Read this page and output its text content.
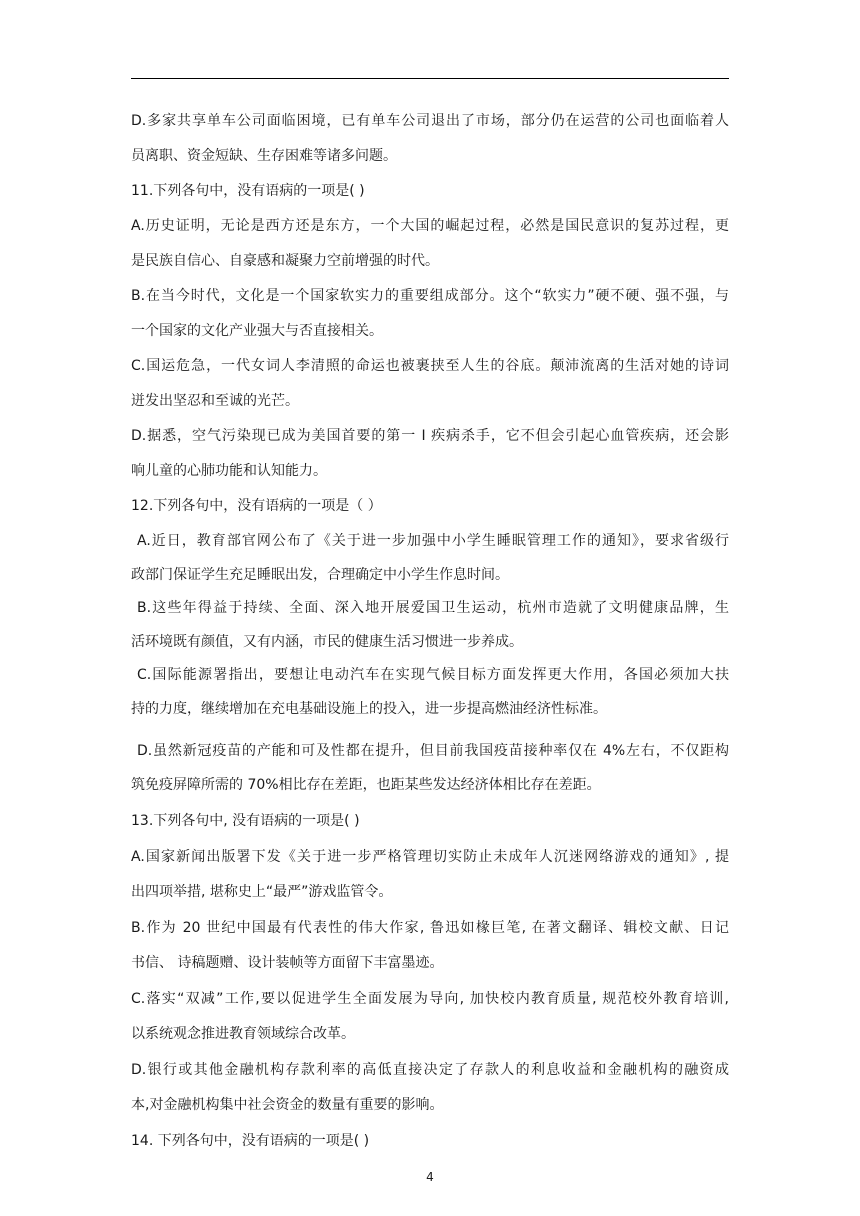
D.多家共享单车公司面临困境，已有单车公司退出了市场，部分仍在运营的公司也面临着人
员离职、资金短缺、生存困难等诸多问题。
11.下列各句中，没有语病的一项是( )
A.历史证明，无论是西方还是东方，一个大国的崛起过程，必然是国民意识的复苏过程，更
是民族自信心、自豪感和凝聚力空前增强的时代。
B.在当今时代，文化是一个国家软实力的重要组成部分。这个“软实力”硬不硬、强不强，与
一个国家的文化产业强大与否直接相关。
C.国运危急，一代女词人李清照的命运也被裹挟至人生的谷底。颠沛流离的生活对她的诗词
迸发出坚忍和至诚的光芒。
D.据悉，空气污染现已成为美国首要的第一 I 疾病杀手，它不但会引起心血管疾病，还会影
响儿童的心肺功能和认知能力。
12.下列各句中，没有语病的一项是（ ）
A.近日，教育部官网公布了《关于进一步加强中小学生睡眠管理工作的通知》，要求省级行
政部门保证学生充足睡眠出发，合理确定中小学生作息时间。
B.这些年得益于持续、全面、深入地开展爱国卫生运动，杭州市造就了文明健康品牌，生
活环境既有颜值，又有内涵，市民的健康生活习惯进一步养成。
C.国际能源署指出，要想让电动汽车在实现气候目标方面发挥更大作用，各国必须加大扶
持的力度，继续增加在充电基础设施上的投入，进一步提高燃油经济性标准。
D.虽然新冠疫苗的产能和可及性都在提升，但目前我国疫苗接种率仅在 4%左右，不仅距构
筑免疫屏障所需的 70%相比存在差距，也距某些发达经济体相比存在差距。
13.下列各句中, 没有语病的一项是( )
A.国家新闻出版署下发《关于进一步严格管理切实防止未成年人沉迷网络游戏的通知》, 提
出四项举措, 堪称史上“最严”游戏监管令。
B.作为 20 世纪中国最有代表性的伟大作家, 鲁迅如椽巨笔, 在著文翻译、辑校文献、日记
书信、 诗稿题赠、设计装帧等方面留下丰富墨迹。
C.落实“双减”工作,要以促进学生全面发展为导向, 加快校内教育质量, 规范校外教育培训,
以系统观念推进教育领域综合改革。
D.银行或其他金融机构存款利率的高低直接决定了存款人的利息收益和金融机构的融资成
本,对金融机构集中社会资金的数量有重要的影响。
14. 下列各句中，没有语病的一项是( )
4
